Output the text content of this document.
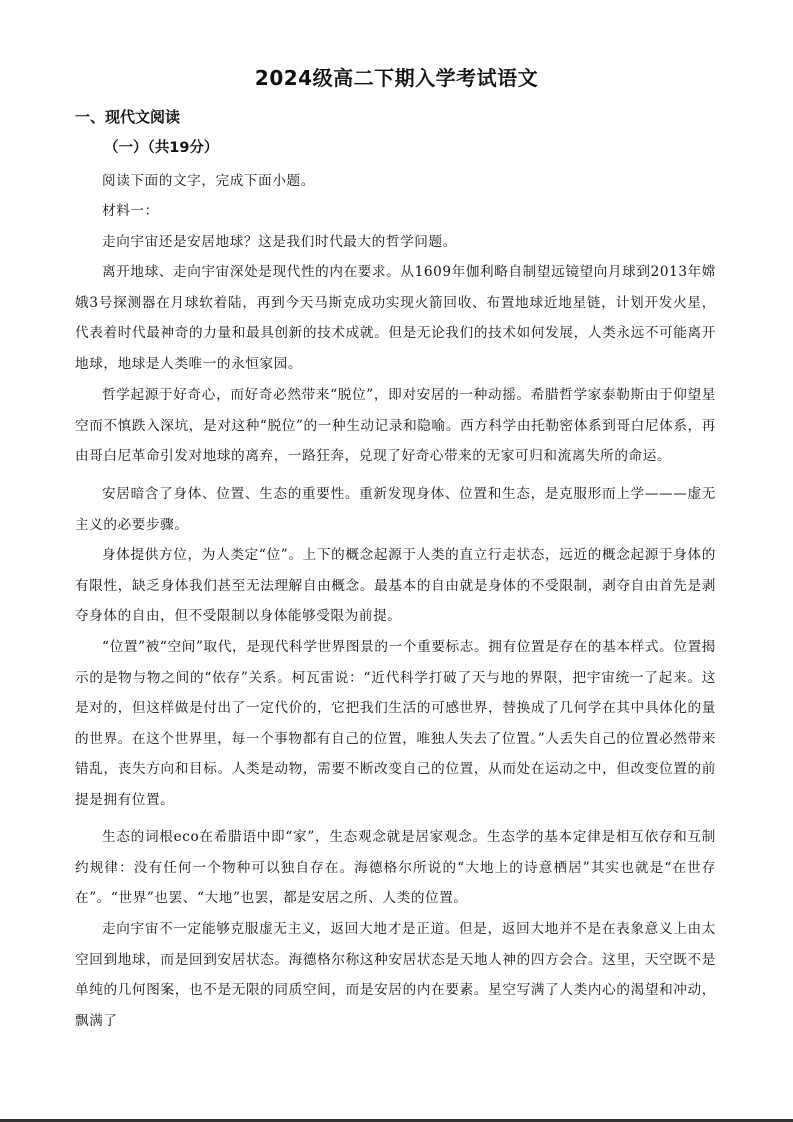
2024级高二下期入学考试语文
一、现代文阅读
（一）（共19分）
阅读下面的文字，完成下面小题。
材料一：
走向宇宙还是安居地球？这是我们时代最大的哲学问题。
离开地球、走向宇宙深处是现代性的内在要求。从1609年伽利略自制望远镜望向月球到2013年嫦娥3号探测器在月球软着陆，再到今天马斯克成功实现火箭回收、布置地球近地星链，计划开发火星，代表着时代最神奇的力量和最具创新的技术成就。但是无论我们的技术如何发展，人类永远不可能离开地球，地球是人类唯一的永恒家园。
哲学起源于好奇心，而好奇必然带来“脱位”，即对安居的一种动摇。希腊哲学家泰勒斯由于仰望星空而不慎跌入深坑，是对这种“脱位”的一种生动记录和隐喻。西方科学由托勒密体系到哥白尼体系，再由哥白尼革命引发对地球的离弃，一路狂奔，兑现了好奇心带来的无家可归和流离失所的命运。
安居暗含了身体、位置、生态的重要性。重新发现身体、位置和生态，是克服形而上学———虚无主义的必要步骤。
身体提供方位，为人类定“位”。上下的概念起源于人类的直立行走状态，远近的概念起源于身体的有限性，缺乏身体我们甚至无法理解自由概念。最基本的自由就是身体的不受限制，剥夺自由首先是剥夺身体的自由，但不受限制以身体能够受限为前提。
“位置”被“空间”取代，是现代科学世界图景的一个重要标志。拥有位置是存在的基本样式。位置揭示的是物与物之间的“依存”关系。柯瓦雷说：“近代科学打破了天与地的界限，把宇宙统一了起来。这是对的，但这样做是付出了一定代价的，它把我们生活的可感世界，替换成了几何学在其中具体化的量的世界。在这个世界里，每一个事物都有自己的位置，唯独人失去了位置。”人丢失自己的位置必然带来错乱，丧失方向和目标。人类是动物，需要不断改变自己的位置，从而处在运动之中，但改变位置的前提是拥有位置。
生态的词根eco在希腊语中即“家”，生态观念就是居家观念。生态学的基本定律是相互依存和互制约规律：没有任何一个物种可以独自存在。海德格尔所说的“大地上的诗意栖居”其实也就是“在世存在”。“世界”也罢、“大地”也罢，都是安居之所、人类的位置。
走向宇宙不一定能够克服虚无主义，返回大地才是正道。但是，返回大地并不是在表象意义上由太空回到地球，而是回到安居状态。海德格尔称这种安居状态是天地人神的四方会合。这里，天空既不是单纯的几何图案，也不是无限的同质空间，而是安居的内在要素。星空写满了人类内心的渴望和冲动，飘满了
